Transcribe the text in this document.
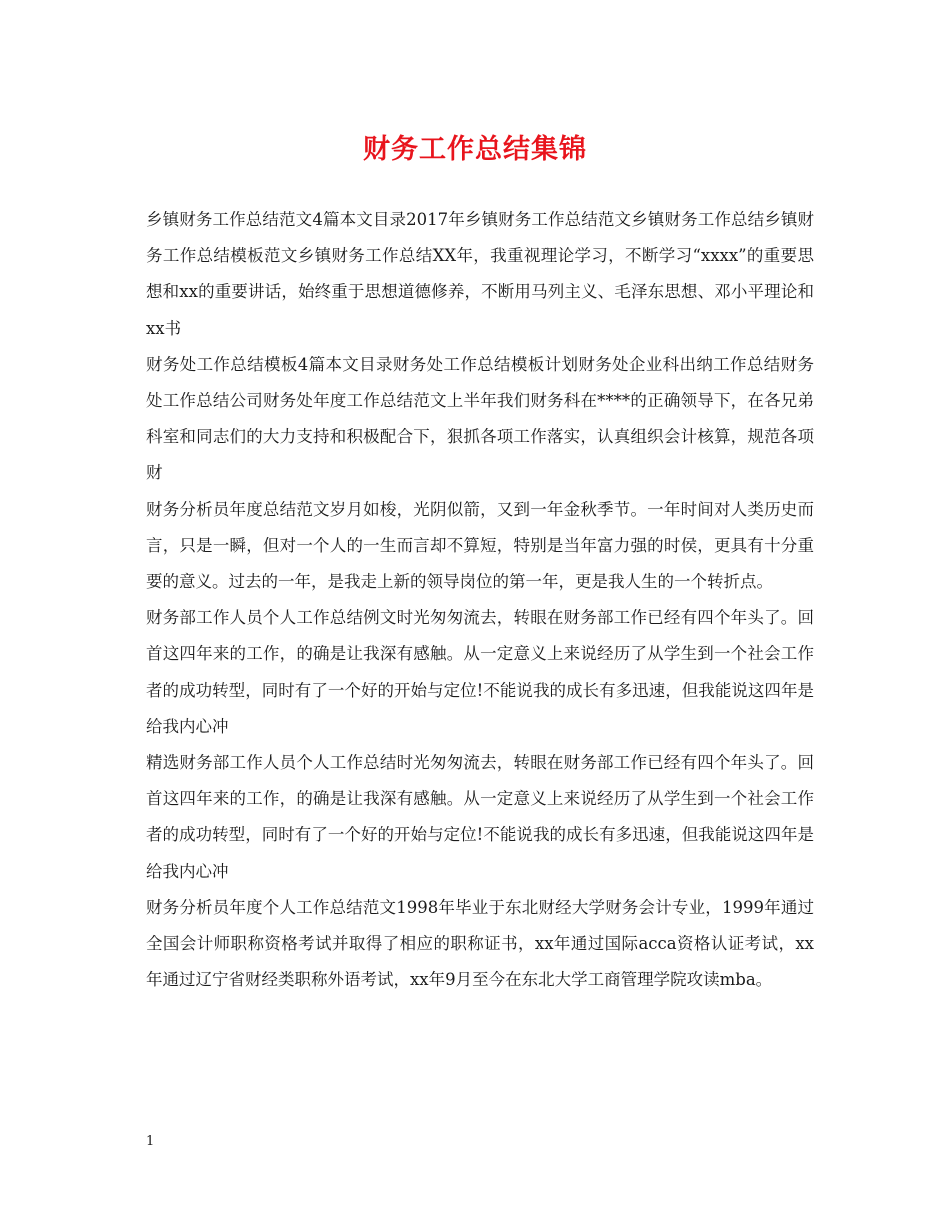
财务工作总结集锦

乡镇财务工作总结范文4篇本文目录2017年乡镇财务工作总结范文乡镇财务工作总结乡镇财务工作总结模板范文乡镇财务工作总结XX年，我重视理论学习，不断学习“xxxx”的重要思想和xx的重要讲话，始终重于思想道德修养，不断用马列主义、毛泽东思想、邓小平理论和xx书

财务处工作总结模板4篇本文目录财务处工作总结模板计划财务处企业科出纳工作总结财务处工作总结公司财务处年度工作总结范文上半年我们财务科在****的正确领导下，在各兄弟科室和同志们的大力支持和积极配合下，狠抓各项工作落实，认真组织会计核算，规范各项财

财务分析员年度总结范文岁月如梭，光阴似箭，又到一年金秋季节。一年时间对人类历史而言，只是一瞬，但对一个人的一生而言却不算短，特别是当年富力强的时侯，更具有十分重要的意义。过去的一年，是我走上新的领导岗位的第一年，更是我人生的一个转折点。

财务部工作人员个人工作总结例文时光匆匆流去，转眼在财务部工作已经有四个年头了。回首这四年来的工作，的确是让我深有感触。从一定意义上来说经历了从学生到一个社会工作者的成功转型，同时有了一个好的开始与定位!不能说我的成长有多迅速，但我能说这四年是给我内心冲

精选财务部工作人员个人工作总结时光匆匆流去，转眼在财务部工作已经有四个年头了。回首这四年来的工作，的确是让我深有感触。从一定意义上来说经历了从学生到一个社会工作者的成功转型，同时有了一个好的开始与定位!不能说我的成长有多迅速，但我能说这四年是给我内心冲

财务分析员年度个人工作总结范文1998年毕业于东北财经大学财务会计专业，1999年通过全国会计师职称资格考试并取得了相应的职称证书，xx年通过国际acca资格认证考试，xx年通过辽宁省财经类职称外语考试，xx年9月至今在东北大学工商管理学院攻读mba。

1
